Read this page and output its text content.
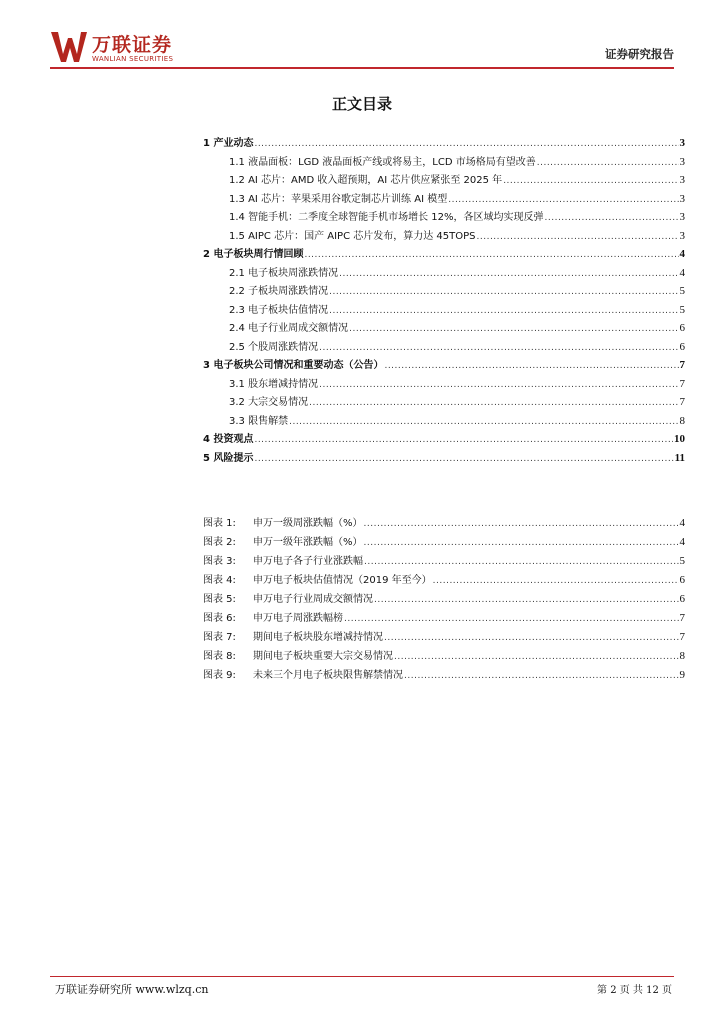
万联证券
WANLIAN SECURITIES	证券研究报告
正文目录
1 产业动态 .....	3
1.1 液晶面板：LGD 液晶面板产线或将易主，LCD 市场格局有望改善 .....	3
1.2 AI 芯片：AMD 收入超预期，AI 芯片供应紧张至 2025 年 .....	3
1.3 AI 芯片：苹果采用谷歌定制芯片训练 AI 模型 .....	3
1.4 智能手机：二季度全球智能手机市场增长 12%，各区域均实现反弹 .....	3
1.5 AIPC 芯片：国产 AIPC 芯片发布，算力达 45TOPS .....	3
2 电子板块周行情回顾 .....	4
2.1 电子板块周涨跌情况 .....	4
2.2 子板块周涨跌情况 .....	5
2.3 电子板块估值情况 .....	5
2.4 电子行业周成交额情况 .....	6
2.5 个股周涨跌情况 .....	6
3 电子板块公司情况和重要动态（公告） .....	7
3.1 股东增减持情况 .....	7
3.2 大宗交易情况 .....	7
3.3 限售解禁 .....	8
4 投资观点 .....	10
5 风险提示 .....	11
图表 1: 申万一级周涨跌幅（%） .....	4
图表 2: 申万一级年涨跌幅（%） .....	4
图表 3: 申万电子各子行业涨跌幅 .....	5
图表 4: 申万电子板块估值情况（2019 年至今） .....	6
图表 5: 申万电子行业周成交额情况 .....	6
图表 6: 申万电子周涨跌幅榜 .....	7
图表 7: 期间电子板块股东增减持情况 .....	7
图表 8: 期间电子板块重要大宗交易情况 .....	8
图表 9: 未来三个月电子板块限售解禁情况 .....	9
万联证券研究所 www.wlzq.cn	第 2 页 共 12 页
